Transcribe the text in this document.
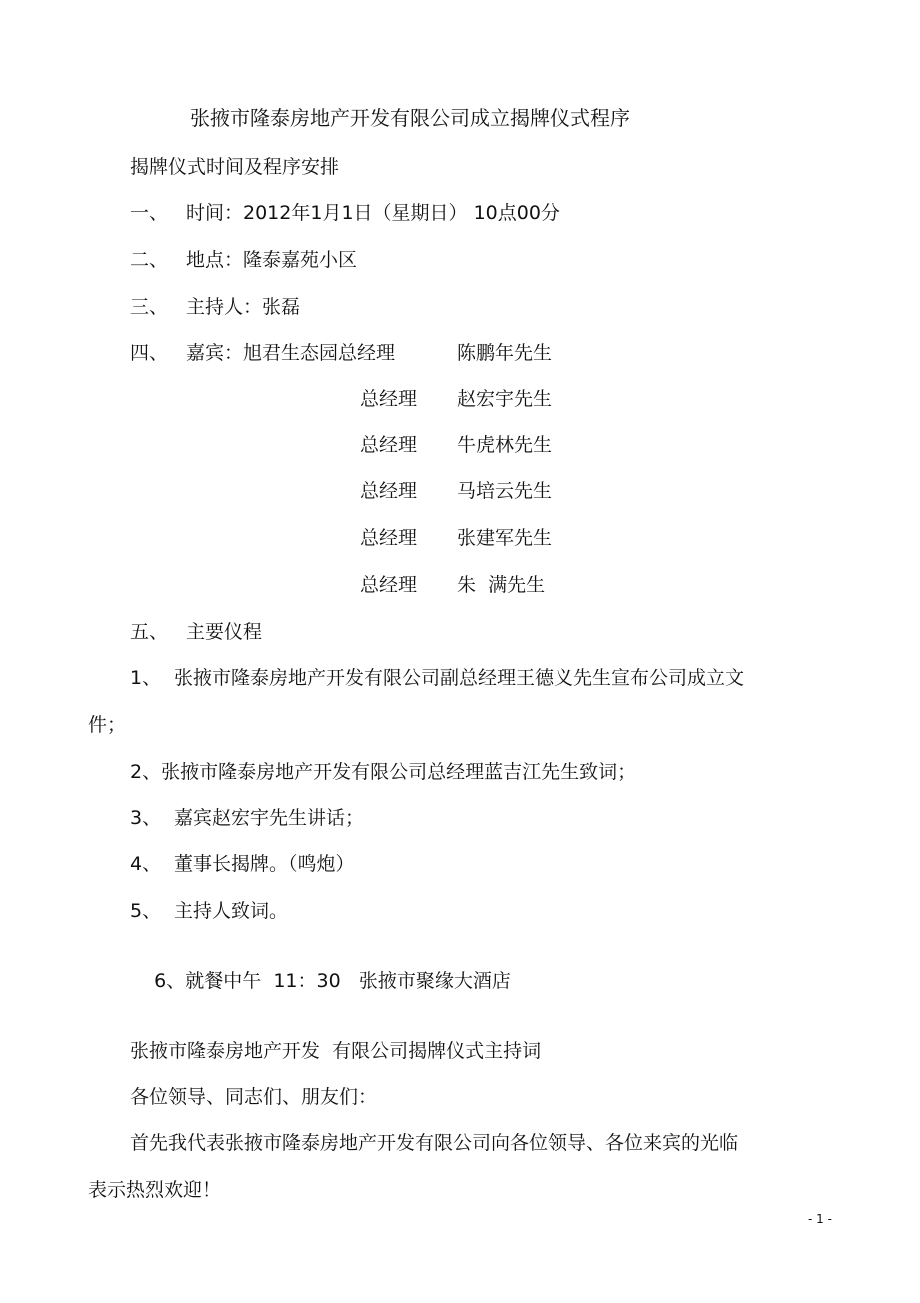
张掖市隆泰房地产开发有限公司成立揭牌仪式程序

揭牌仪式时间及程序安排

一、 时间：2012年1月1日（星期日） 10点00分

二、 地点：隆泰嘉苑小区

三、 主持人：张磊

四、 嘉宾：旭君生态园总经理	陈鹏年先生

总经理 赵宏宇先生

总经理 牛虎林先生

总经理 马培云先生

总经理 张建军先生

总经理 朱  满先生

五、 主要仪程

1、 张掖市隆泰房地产开发有限公司副总经理王德义先生宣布公司成立文

件；

2、张掖市隆泰房地产开发有限公司总经理蓝吉江先生致词；

3、 嘉宾赵宏宇先生讲话；

4、 董事长揭牌。（鸣炮）

5、 主持人致词。

6、就餐中午  11：30   张掖市聚缘大酒店

张掖市隆泰房地产开发  有限公司揭牌仪式主持词

各位领导、同志们、朋友们：

首先我代表张掖市隆泰房地产开发有限公司向各位领导、各位来宾的光临

表示热烈欢迎！

- 1 -
